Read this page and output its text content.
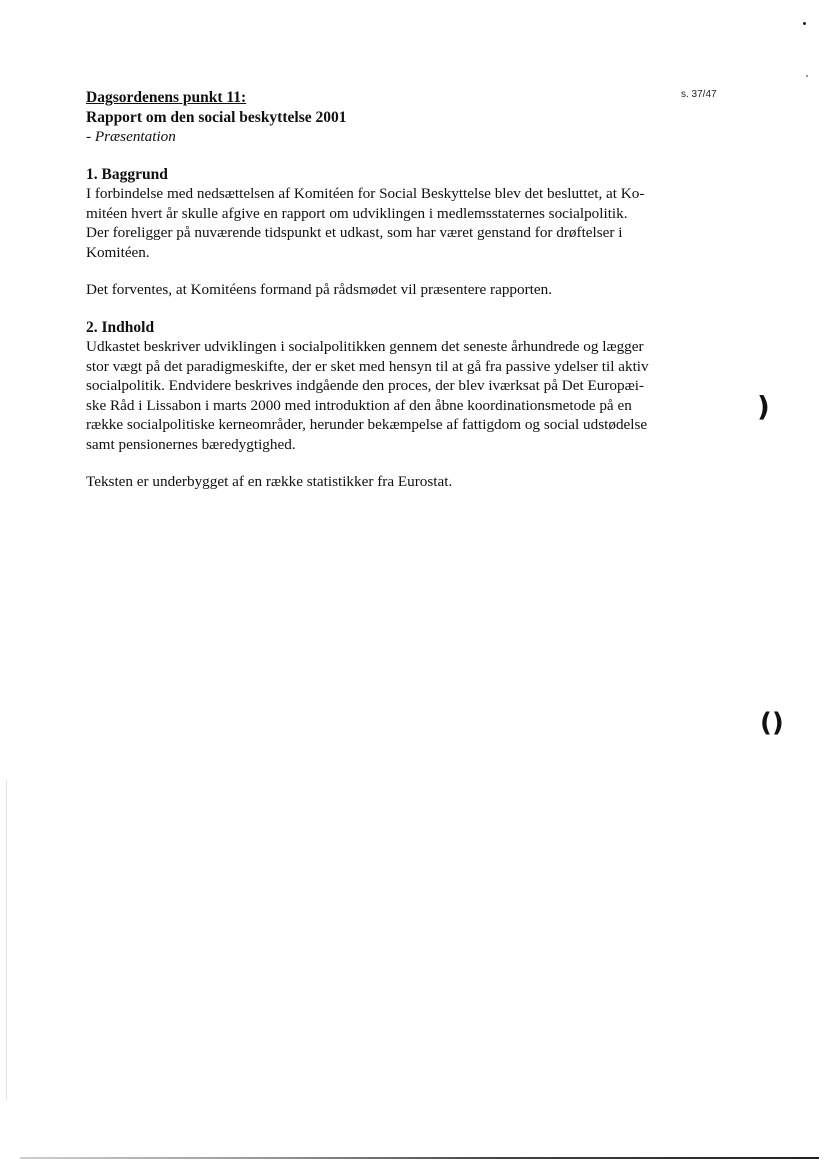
s. 37/47

Dagsordenens punkt 11:

Rapport om den social beskyttelse 2001

- Præsentation

1. Baggrund

I forbindelse med nedsættelsen af Komitéen for Social Beskyttelse blev det besluttet, at Ko-
mitéen hvert år skulle afgive en rapport om udviklingen i medlemsstaternes socialpolitik.
Der foreligger på nuværende tidspunkt et udkast, som har været genstand for drøftelser i
Komitéen.

Det forventes, at Komitéens formand på rådsmødet vil præsentere rapporten.

2. Indhold

Udkastet beskriver udviklingen i socialpolitikken gennem det seneste århundrede og lægger
stor vægt på det paradigmeskifte, der er sket med hensyn til at gå fra passive ydelser til aktiv
socialpolitik. Endvidere beskrives indgående den proces, der blev iværksat på Det Europæi-
ske Råd i Lissabon i marts 2000 med introduktion af den åbne koordinationsmetode på en
række socialpolitiske kerneområder, herunder bekæmpelse af fattigdom og social udstødelse
samt pensionernes bæredygtighed.

Teksten er underbygget af en række statistikker fra Eurostat.

)
()
